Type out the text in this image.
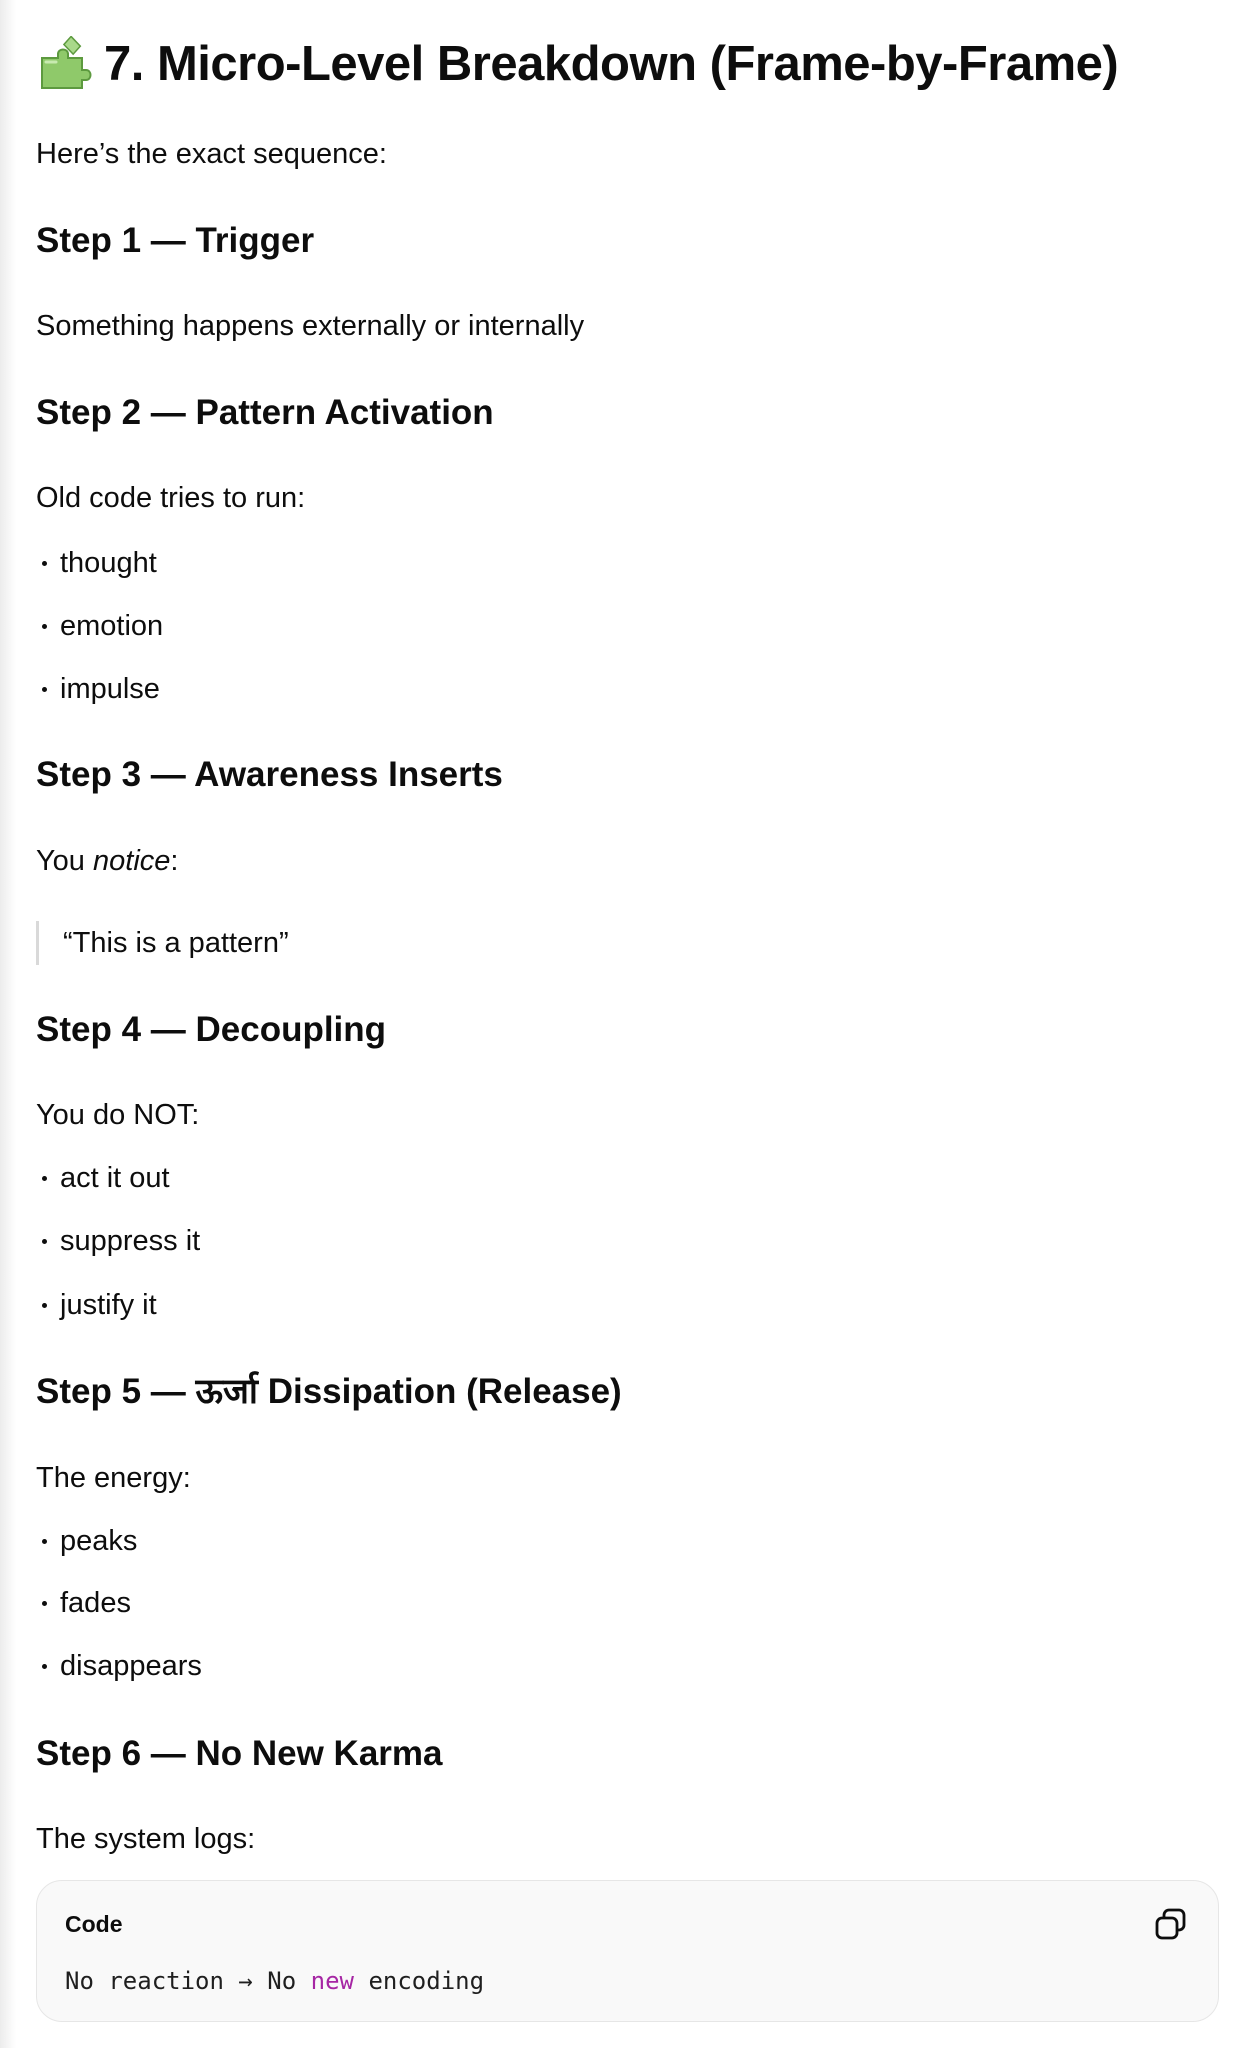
7. Micro-Level Breakdown (Frame-by-Frame)
Here’s the exact sequence:
Step 1 — Trigger
Something happens externally or internally
Step 2 — Pattern Activation
Old code tries to run:
thought
emotion
impulse
Step 3 — Awareness Inserts
You notice:
“This is a pattern”
Step 4 — Decoupling
You do NOT:
act it out
suppress it
justify it
Step 5 — ऊर्जा Dissipation (Release)
The energy:
peaks
fades
disappears
Step 6 — No New Karma
The system logs:
Code
No reaction → No new encoding
